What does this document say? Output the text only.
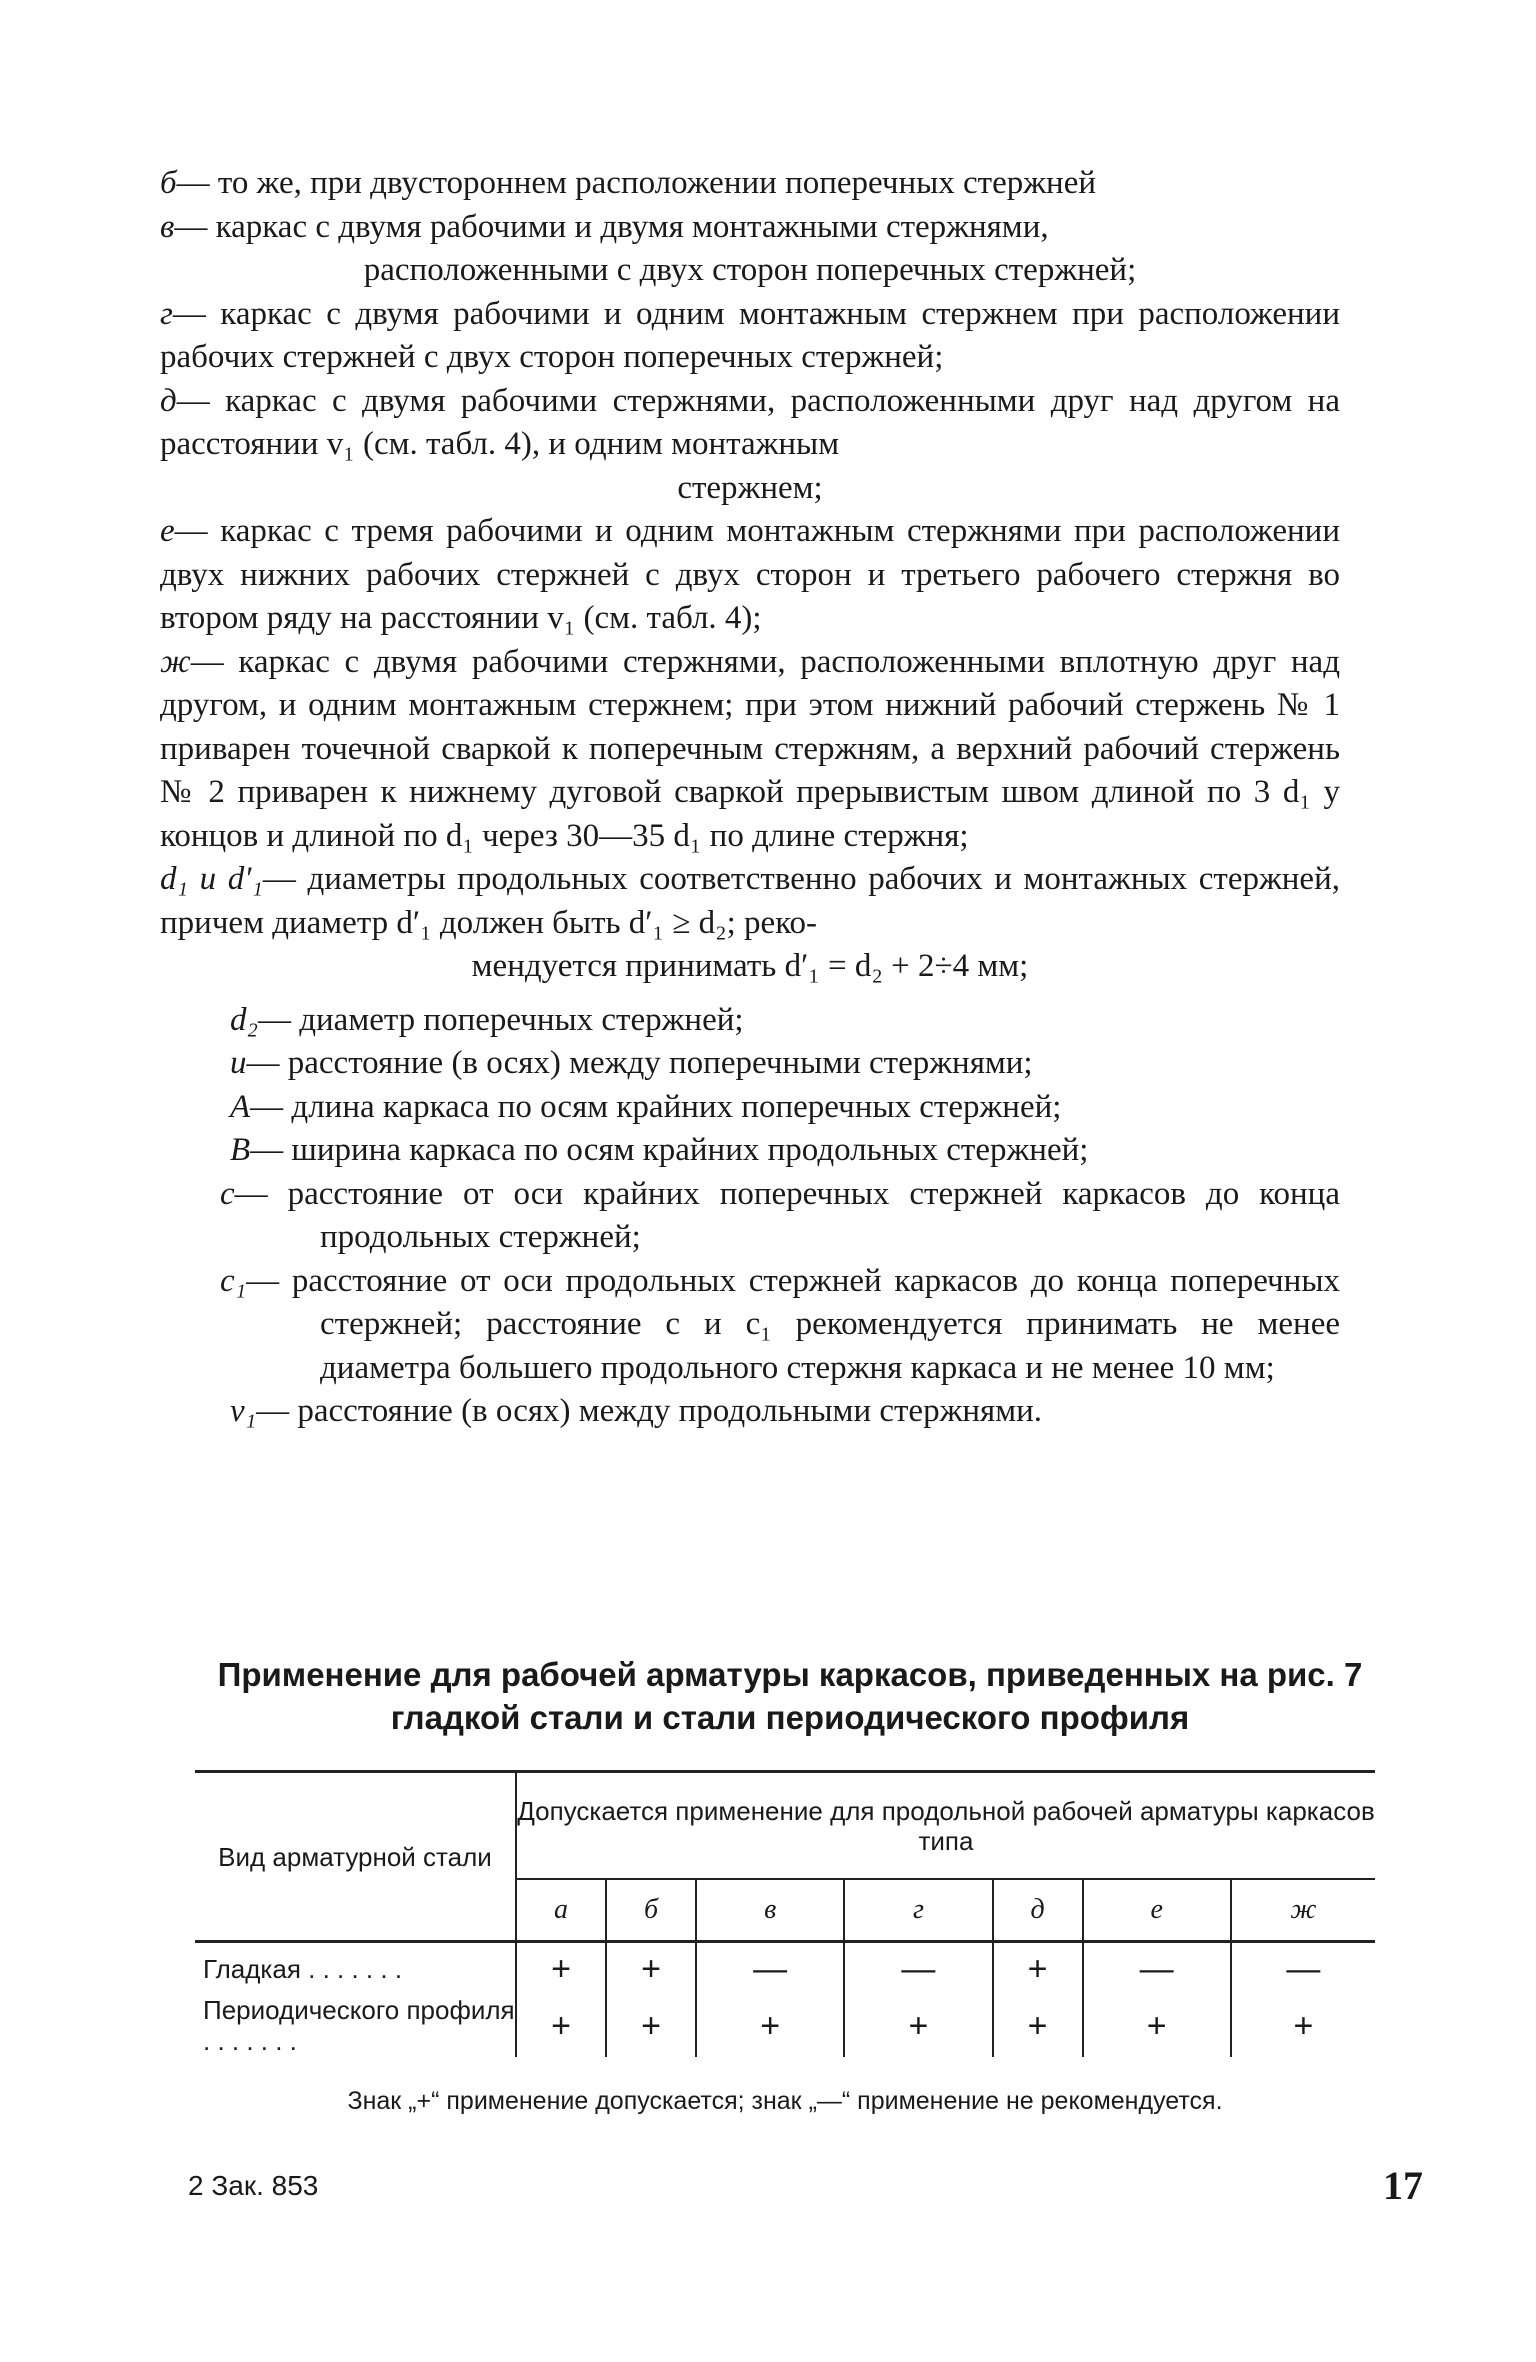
б— то же, при двустороннем расположении поперечных стержней
в— каркас с двумя рабочими и двумя монтажными стержнями,
расположенными с двух сторон поперечных стержней;
г— каркас с двумя рабочими и одним монтажным стержнем при расположении рабочих стержней с двух сторон поперечных стержней;
д— каркас с двумя рабочими стержнями, расположенными друг над другом на расстоянии v₁ (см. табл. 4), и одним монтажным
стержнем;
е— каркас с тремя рабочими и одним монтажным стержнями при расположении двух нижних рабочих стержней с двух сторон и третьего рабочего стержня во втором ряду на расстоянии v₁ (см. табл. 4);
ж— каркас с двумя рабочими стержнями, расположенными вплотную друг над другом, и одним монтажным стержнем; при этом нижний рабочий стержень № 1 приварен точечной сваркой к поперечным стержням, а верхний рабочий стержень № 2 приварен к нижнему дуговой сваркой прерывистым швом длиной по 3 d₁ у концов и длиной по d₁ через 30—35 d₁ по длине стержня;
d₁ и d′₁— диаметры продольных соответственно рабочих и монтажных стержней, причем диаметр d′₁ должен быть d′₁ ≥ d₂; реко-
мендуется принимать d′₁ = d₂ + 2÷4 мм;
d₂— диаметр поперечных стержней;
u— расстояние (в осях) между поперечными стержнями;
A— длина каркаса по осям крайних поперечных стержней;
B— ширина каркаса по осям крайних продольных стержней;
c— расстояние от оси крайних поперечных стержней каркасов до конца продольных стержней;
c₁— расстояние от оси продольных стержней каркасов до конца поперечных стержней; расстояние c и c₁ рекомендуется принимать не менее диаметра большего продольного стержня каркаса и не менее 10 мм;
v₁— расстояние (в осях) между продольными стержнями.
Применение для рабочей арматуры каркасов, приведенных на рис. 7
гладкой стали и стали периодического профиля
Вид арматурной стали	Допускается применение для продольной рабочей арматуры каркасов типа						
	а	б	в	г	д	е	ж

Гладкая . . . . . . .	+	+	—	—	+	—	—
Периодического профиля . . . . . . .	+	+	+	+	+	+	+
Знак „+“ применение допускается; знак „—“ применение не рекомендуется.
2 Зак. 853	17
